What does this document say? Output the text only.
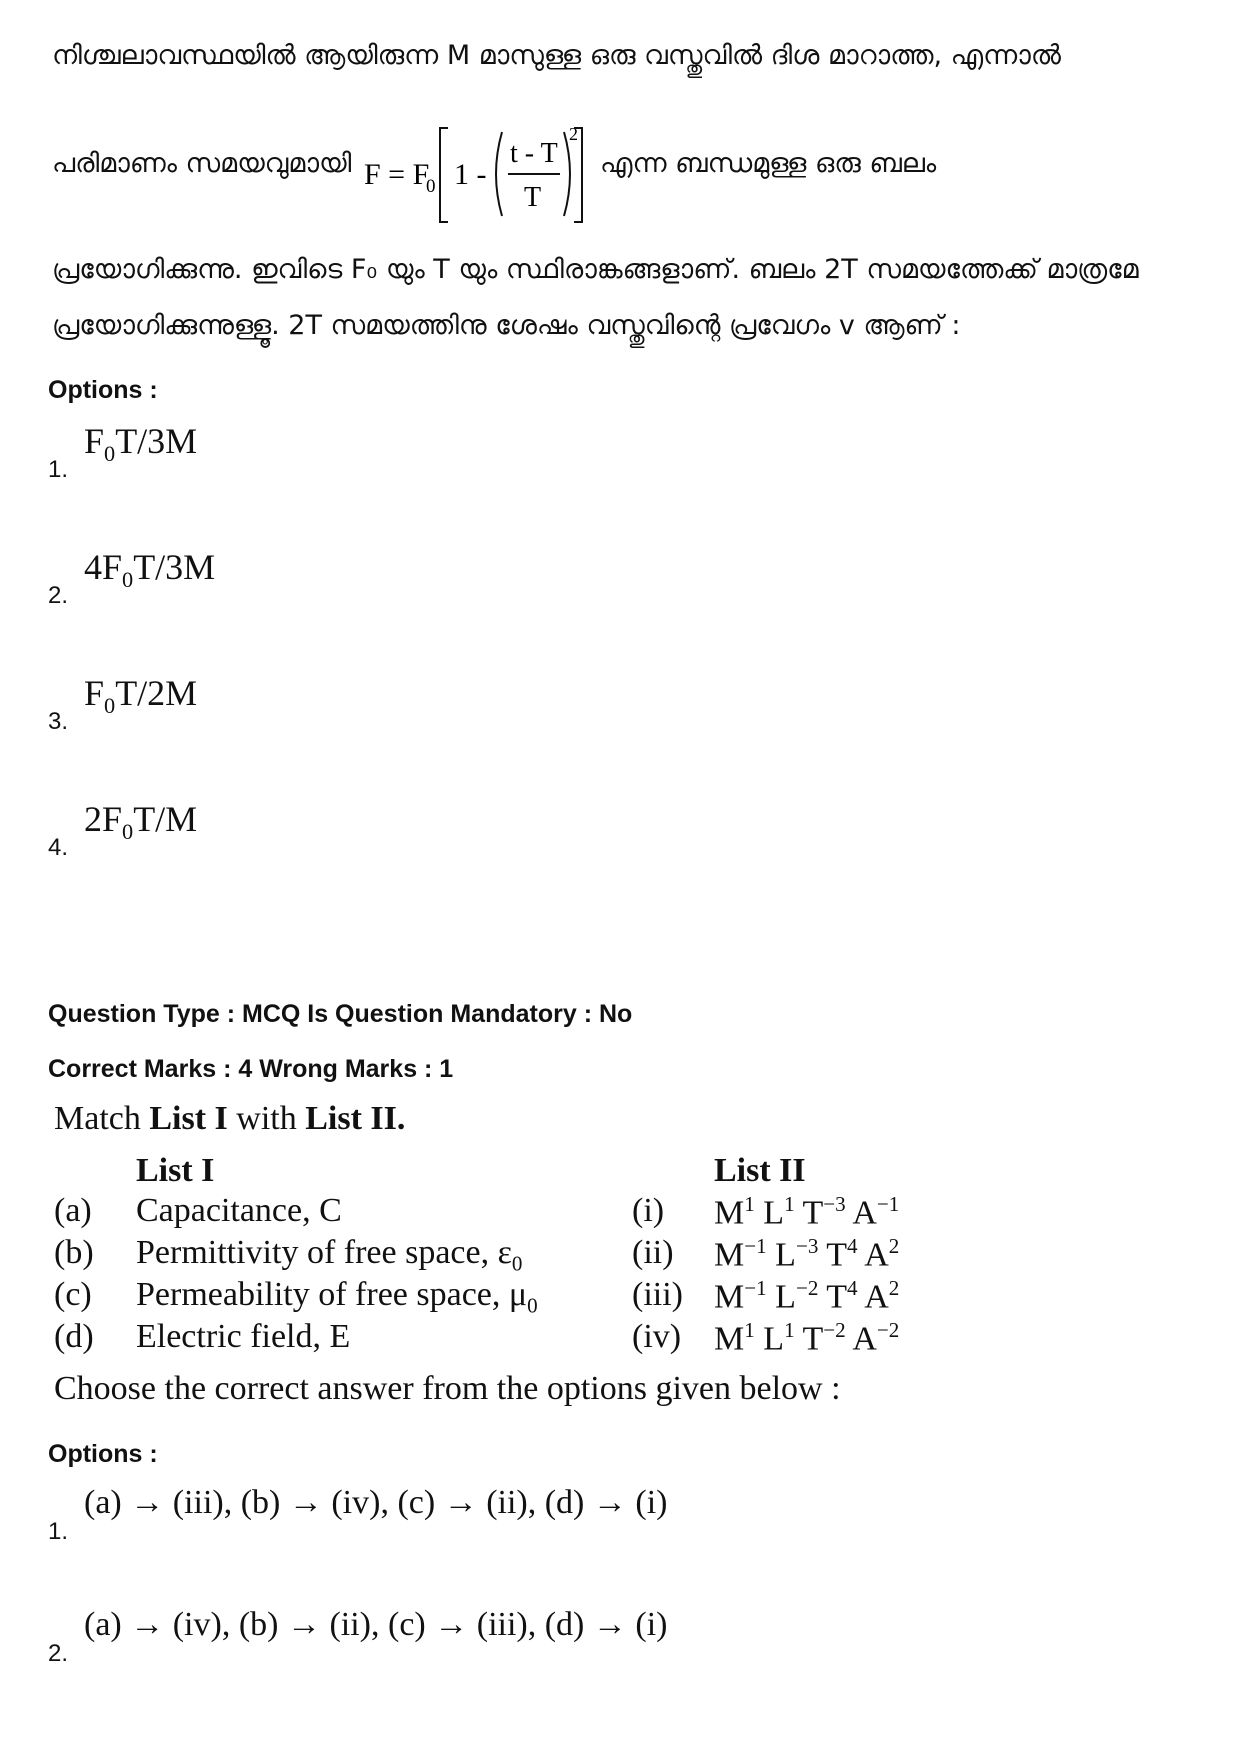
നിശ്ചലാവസ്ഥയിൽ ആയിരുന്ന M മാസുള്ള ഒരു വസ്തുവിൽ ദിശ മാറാത്ത, എന്നാൽ
പരിമാണം സമയവുമായി F = F
0 1 -
t - T
T
2
എന്ന ബന്ധമുള്ള ഒരു ബലം
പ്രയോഗിക്കുന്നു. ഇവിടെ F₀ യും T യും സ്ഥിരാങ്കങ്ങളാണ്. ബലം 2T സമയത്തേക്ക് മാത്രമേ
പ്രയോഗിക്കുന്നുള്ളൂ. 2T സമയത്തിനു ശേഷം വസ്തുവിന്റെ പ്രവേഗം v ആണ് :
Options :
1.
$F_0T/3M$
2.
$4F_0T/3M$
3.
$F_0T/2M$
4.
$2F_0T/M$
Question Type : MCQ Is Question Mandatory : No
Correct Marks : 4 Wrong Marks : 1
Match List I with List II.
List I	List II
(a) Capacitance, C	(i) $M^1$ $L^1$ $T^{-3}$ $A^{-1}$
(b) Permittivity of free space, $\varepsilon_0$	(ii) $M^{-1}$ $L^{-3}$ $T^4$ $A^2$
(c) Permeability of free space, $\mu_0$	(iii) $M^{-1}$ $L^{-2}$ $T^4$ $A^2$
(d) Electric field, E	(iv) $M^1$ $L^1$ $T^{-2}$ $A^{-2}$
Choose the correct answer from the options given below :
Options :
1.
(a) → (iii), (b) → (iv), (c) → (ii), (d) → (i)
2.
(a) → (iv), (b) → (ii), (c) → (iii), (d) → (i)
